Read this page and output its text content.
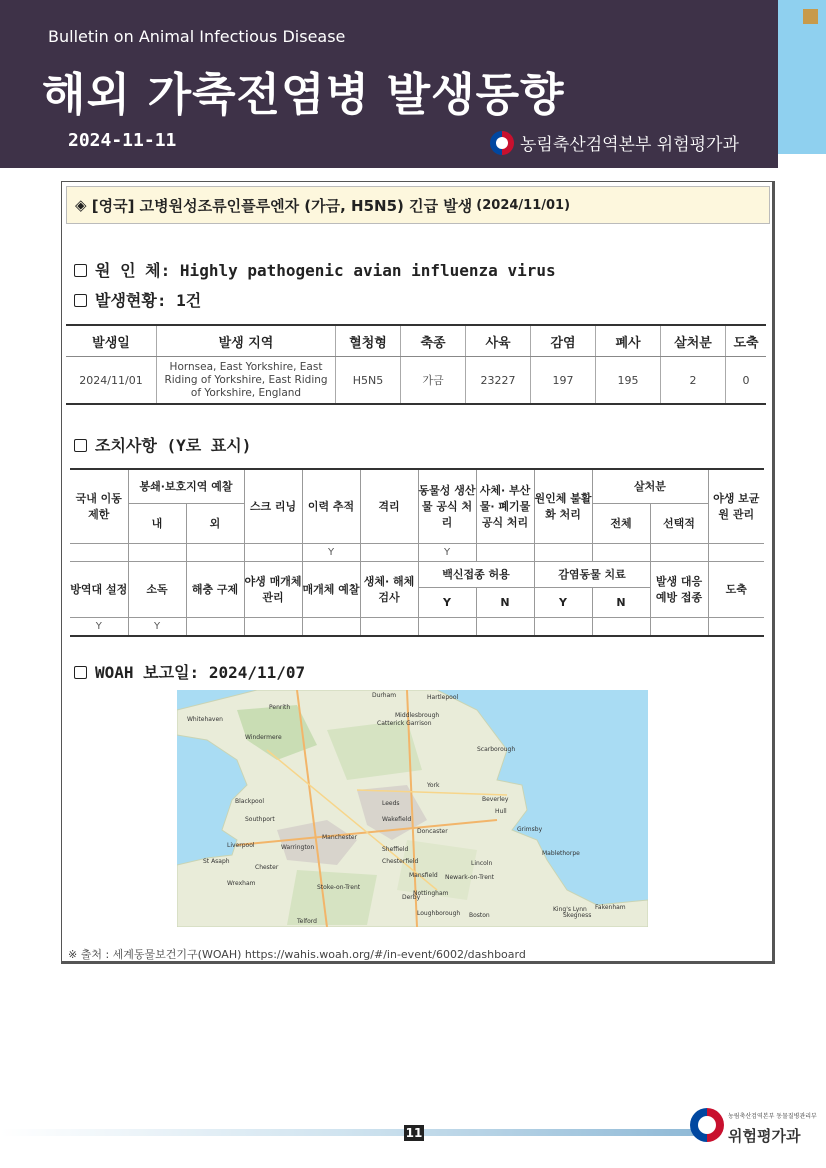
Bulletin on Animal Infectious Disease
해외 가축전염병 발생동향
2024-11-11	농림축산검역본부 위험평가과
◈ [영국] 고병원성조류인플루엔자 (가금, H5N5) 긴급 발생 (2024/11/01)
원 인 체: Highly pathogenic avian influenza virus
발생현황: 1건
발생일	발생 지역	혈청형	축종	사육	감염	폐사	살처분	도축
2024/11/01	Hornsea, East Yorkshire, East Riding of Yorkshire, East Riding of Yorkshire, England	H5N5	가금	23227	197	195	2	0
조치사항 (Y로 표시)
국내 이동 제한	봉쇄·보호지역 예찰		스크 리닝	이력 추적	격리	동물성 생산물 공식 처리	사체· 부산물· 폐기물 공식 처리	원인체 불활화 처리	살처분		야생 보균원 관리
	내	외							전체	선택적	
				Y		Y					
방역대 설정	소독	해충 구제	야생 매개체 관리	매개체 예찰	생체· 해체 검사	백신접종 허용		감염동물 치료		발생 대응 예방 접종	도축
						Y	N	Y	N		
Y	Y										
WOAH 보고일: 2024/11/07
Durham	Hartlepool
Middlesbrough
Penrith
Whitehaven
Windermere
Catterick Garrison
Scarborough
York
Beverley
Hull
Blackpool	Leeds
Wakefield
Southport
Doncaster	Grimsby
Manchester
Liverpool	Warrington	Sheffield
Mablethorpe
St Asaph
Chester
Chesterfield	Lincoln
Mansfield Newark-on-Trent
Wrexham
Stoke-on-Trent
Nottingham
Derby
Boston	Skegness
King's Lynn Fakenham
Loughborough
Telford
※ 출처 : 세계동물보건기구(WOAH) https://wahis.woah.org/#/in-event/6002/dashboard
11
농림축산검역본부 동물질병관리부
위험평가과
